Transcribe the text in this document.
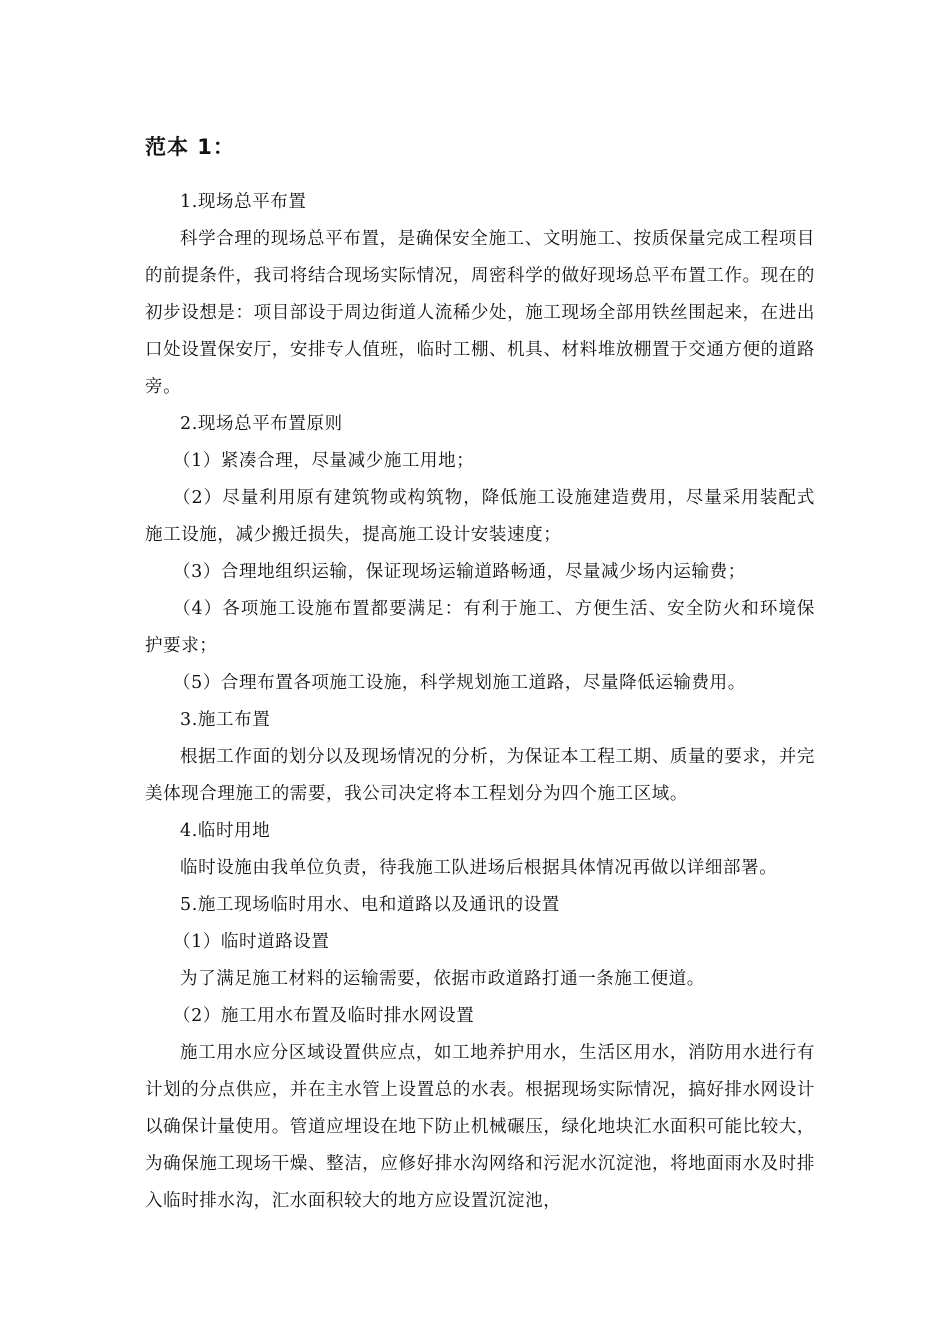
范本 1：

1.现场总平布置

科学合理的现场总平布置，是确保安全施工、文明施工、按质保量完成工程项目的前提条件，我司将结合现场实际情况，周密科学的做好现场总平布置工作。现在的初步设想是：项目部设于周边街道人流稀少处，施工现场全部用铁丝围起来，在进出口处设置保安厅，安排专人值班，临时工棚、机具、材料堆放棚置于交通方便的道路旁。

2.现场总平布置原则

（1）紧凑合理，尽量减少施工用地；

（2）尽量利用原有建筑物或构筑物，降低施工设施建造费用，尽量采用装配式施工设施，减少搬迁损失，提高施工设计安装速度；

（3）合理地组织运输，保证现场运输道路畅通，尽量减少场内运输费；

（4）各项施工设施布置都要满足：有利于施工、方便生活、安全防火和环境保护要求；

（5）合理布置各项施工设施，科学规划施工道路，尽量降低运输费用。

3.施工布置

根据工作面的划分以及现场情况的分析，为保证本工程工期、质量的要求，并完美体现合理施工的需要，我公司决定将本工程划分为四个施工区域。

4.临时用地

临时设施由我单位负责，待我施工队进场后根据具体情况再做以详细部署。

5.施工现场临时用水、电和道路以及通讯的设置

（1）临时道路设置

为了满足施工材料的运输需要，依据市政道路打通一条施工便道。

（2）施工用水布置及临时排水网设置

施工用水应分区域设置供应点，如工地养护用水，生活区用水，消防用水进行有计划的分点供应，并在主水管上设置总的水表。根据现场实际情况，搞好排水网设计以确保计量使用。管道应埋设在地下防止机械碾压，绿化地块汇水面积可能比较大，为确保施工现场干燥、整洁，应修好排水沟网络和污泥水沉淀池，将地面雨水及时排入临时排水沟，汇水面积较大的地方应设置沉淀池，
